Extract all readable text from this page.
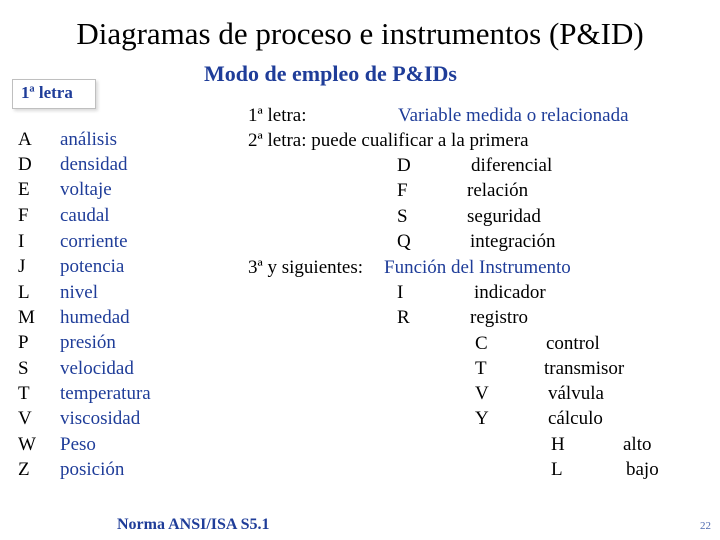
Diagramas de proceso e instrumentos (P&ID)
Modo de empleo de P&IDs
1ª letra
A análisis
D densidad
E voltaje
F caudal
I corriente
J potencia
L nivel
M humedad
P presión
S velocidad
T temperatura
V viscosidad
W Peso
Z posición
1ª letra:	Variable medida o relacionada
2ª letra: puede cualificar a la primera
D	diferencial
F	relación
S	seguridad
Q	integración
3ª y siguientes: Función del Instrumento
I	indicador
R	registro
C	control
T	transmisor
V	válvula
Y	cálculo
H	alto
L	bajo
Norma ANSI/ISA S5.1	22
